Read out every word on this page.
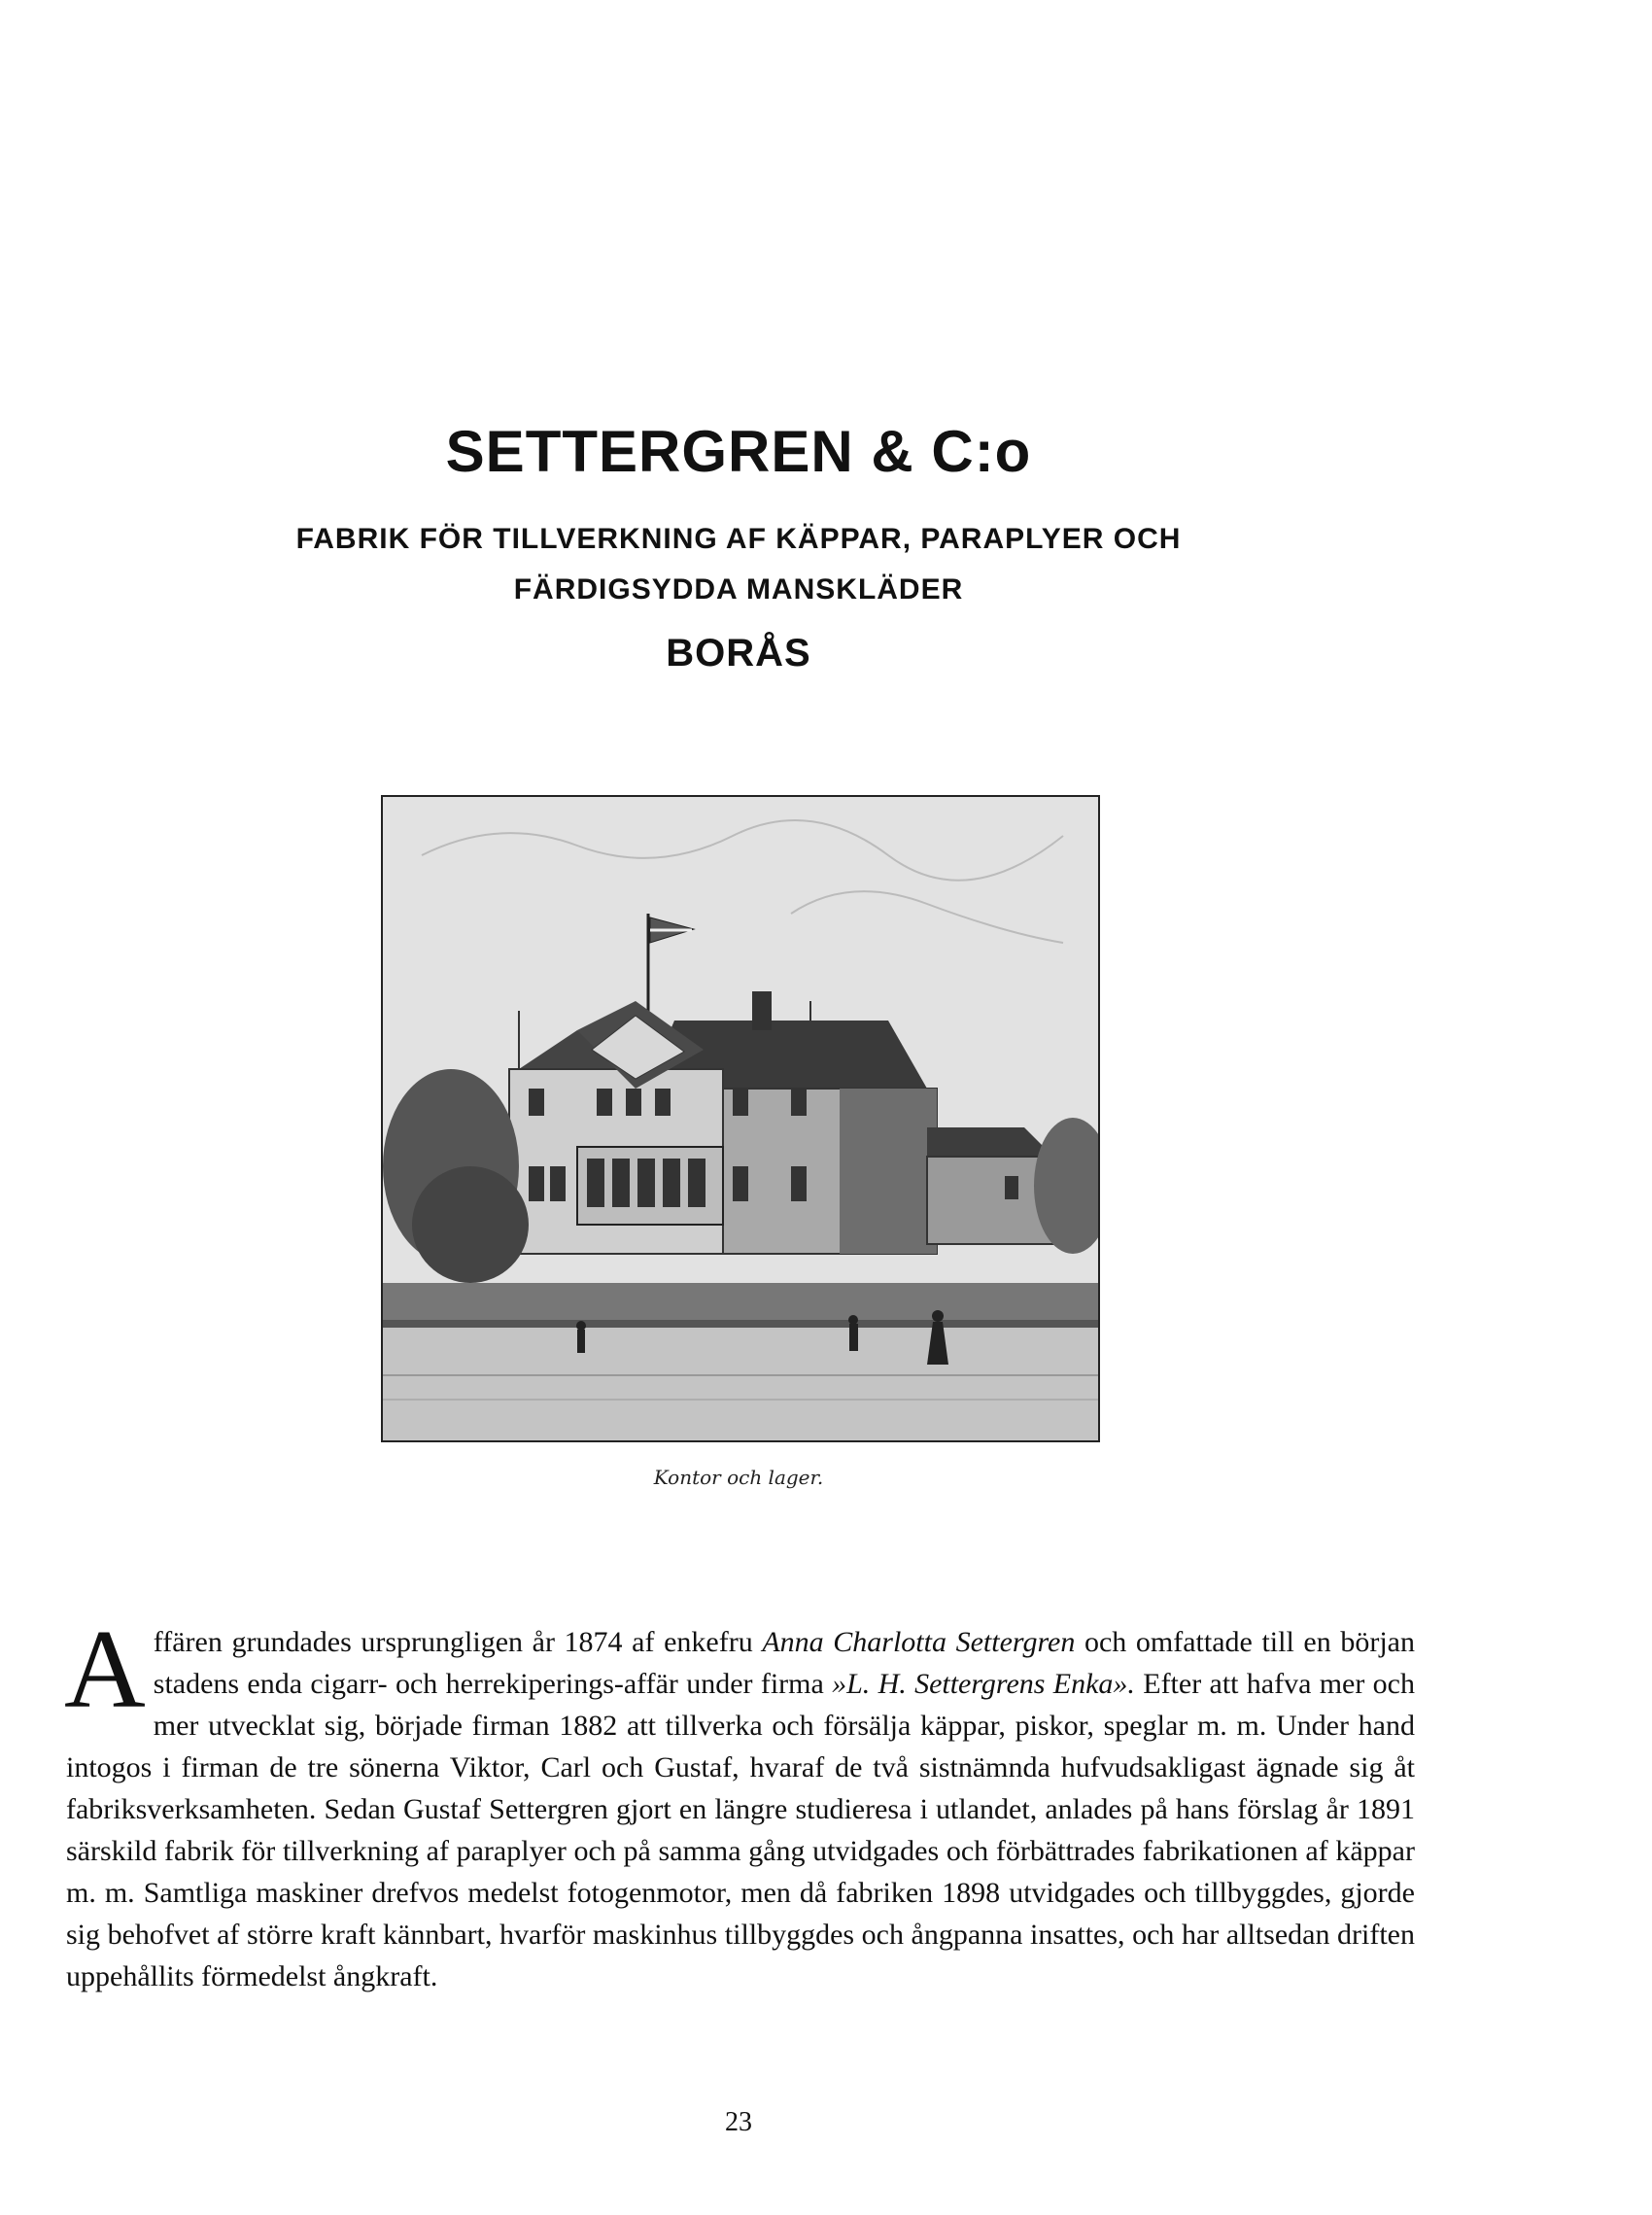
SETTERGREN & C:o
FABRIK FÖR TILLVERKNING AF KÄPPAR, PARAPLYER OCH
FÄRDIGSYDDA MANSKLÄDER
BORÅS
Kontor och lager.
Affären grundades ursprungligen år 1874 af enkefru Anna Charlotta Settergren och omfattade till en början stadens enda cigarr- och herrekiperings-affär under firma »L. H. Settergrens Enka». Efter att hafva mer och mer utvecklat sig, började firman 1882 att tillverka och försälja käppar, piskor, speglar m. m. Under hand intogos i firman de tre sönerna Viktor, Carl och Gustaf, hvaraf de två sistnämnda hufvudsakligast ägnade sig åt fabriksverksamheten. Sedan Gustaf Settergren gjort en längre studieresa i utlandet, anlades på hans förslag år 1891 särskild fabrik för tillverkning af paraplyer och på samma gång utvidgades och förbättrades fabrikationen af käppar m. m. Samtliga maskiner drefvos medelst fotogenmotor, men då fabriken 1898 utvidgades och tillbyggdes, gjorde sig behofvet af större kraft kännbart, hvarför maskinhus tillbyggdes och ångpanna insattes, och har alltsedan driften uppehållits förmedelst ångkraft.
23
